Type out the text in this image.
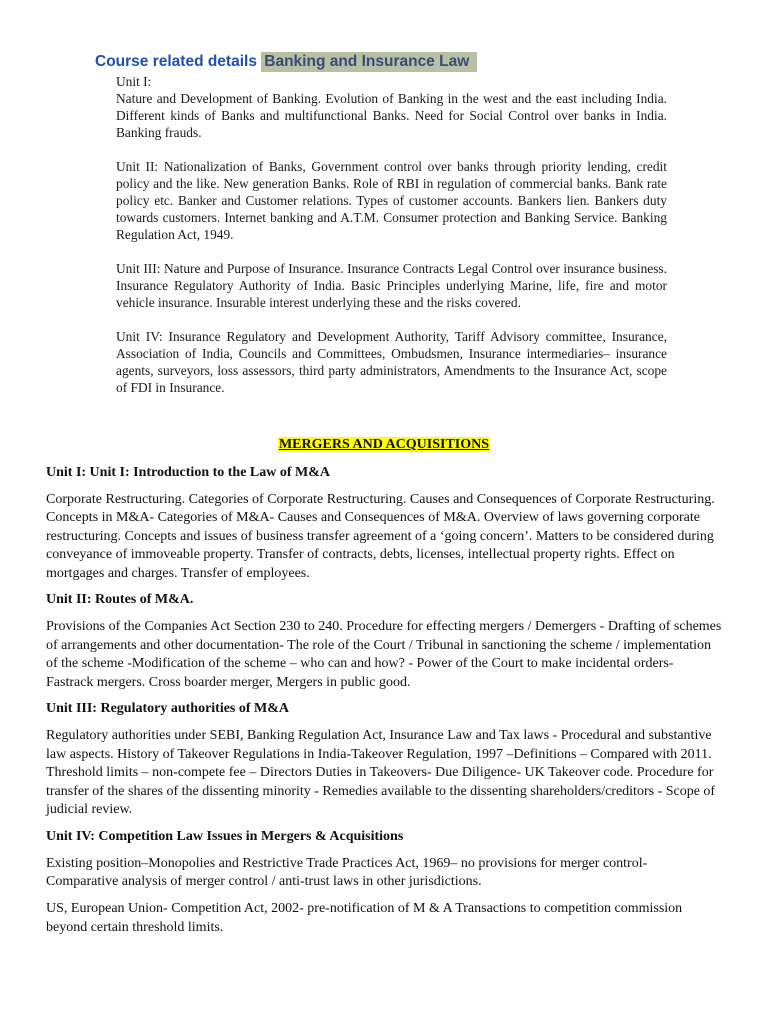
Course related details Banking and Insurance Law

Unit I:

Nature and Development of Banking. Evolution of Banking in the west and the east including India. Different kinds of Banks and multifunctional Banks. Need for Social Control over banks in India. Banking frauds.

Unit II: Nationalization of Banks, Government control over banks through priority lending, credit policy and the like. New generation Banks. Role of RBI in regulation of commercial banks. Bank rate policy etc. Banker and Customer relations. Types of customer accounts. Bankers lien. Bankers duty towards customers. Internet banking and A.T.M. Consumer protection and Banking Service. Banking Regulation Act, 1949.

Unit III: Nature and Purpose of Insurance. Insurance Contracts Legal Control over insurance business. Insurance Regulatory Authority of India. Basic Principles underlying Marine, life, fire and motor vehicle insurance. Insurable interest underlying these and the risks covered.

Unit IV: Insurance Regulatory and Development Authority, Tariff Advisory committee, Insurance, Association of India, Councils and Committees, Ombudsmen, Insurance intermediaries– insurance agents, surveyors, loss assessors, third party administrators, Amendments to the Insurance Act, scope of FDI in Insurance.

MERGERS AND ACQUISITIONS
Unit I: Unit I: Introduction to the Law of M&A

Corporate Restructuring. Categories of Corporate Restructuring. Causes and Consequences of Corporate Restructuring. Concepts in M&A- Categories of M&A- Causes and Consequences of M&A. Overview of laws governing corporate restructuring. Concepts and issues of business transfer agreement of a ‘going concern’. Matters to be considered during conveyance of immoveable property. Transfer of contracts, debts, licenses, intellectual property rights. Effect on mortgages and charges. Transfer of employees.

Unit II: Routes of M&A.

Provisions of the Companies Act Section 230 to 240. Procedure for effecting mergers / Demergers - Drafting of schemes of arrangements and other documentation- The role of the Court / Tribunal in sanctioning the scheme / implementation of the scheme -Modification of the scheme – who can and how? - Power of the Court to make incidental orders- Fastrack mergers. Cross boarder merger, Mergers in public good.

Unit III: Regulatory authorities of M&A

Regulatory authorities under SEBI, Banking Regulation Act, Insurance Law and Tax laws - Procedural and substantive law aspects. History of Takeover Regulations in India-Takeover Regulation, 1997 –Definitions – Compared with 2011. Threshold limits – non-compete fee – Directors Duties in Takeovers- Due Diligence- UK Takeover code. Procedure for transfer of the shares of the dissenting minority - Remedies available to the dissenting shareholders/creditors - Scope of judicial review.

Unit IV: Competition Law Issues in Mergers & Acquisitions

Existing position–Monopolies and Restrictive Trade Practices Act, 1969– no provisions for merger control- Comparative analysis of merger control / anti-trust laws in other jurisdictions.

US, European Union- Competition Act, 2002- pre-notification of M & A Transactions to competition commission beyond certain threshold limits.
